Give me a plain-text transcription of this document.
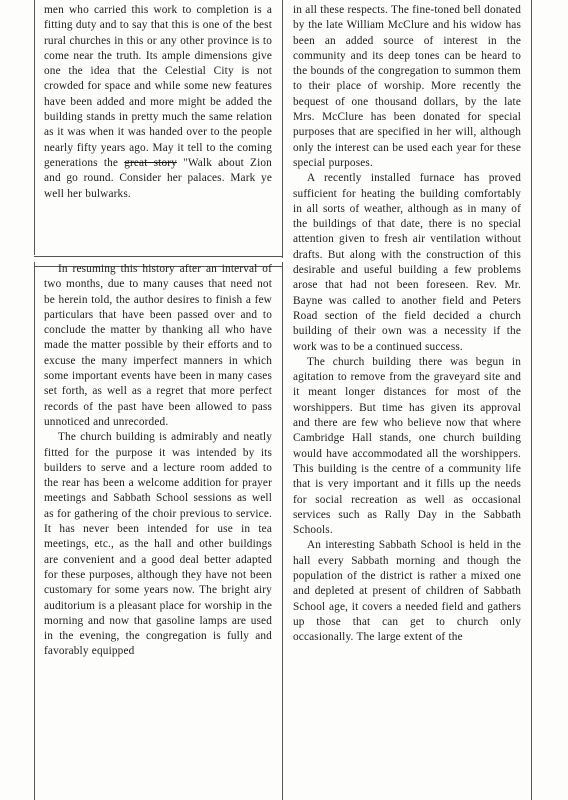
men who carried this work to completion is a fitting duty and to say that this is one of the best rural churches in this or any other province is to come near the truth. Its ample dimensions give one the idea that the Celestial City is not crowded for space and while some new features have been added and more might be added the building stands in pretty much the same relation as it was when it was handed over to the people nearly fifty years ago. May it tell to the coming generations the great story "Walk about Zion and go round. Consider her palaces. Mark ye well her bulwarks.

In resuming this history after an interval of two months, due to many causes that need not be herein told, the author desires to finish a few particulars that have been passed over and to conclude the matter by thanking all who have made the matter possible by their efforts and to excuse the many imperfect manners in which some important events have been in many cases set forth, as well as a regret that more perfect records of the past have been allowed to pass unnoticed and unrecorded.

The church building is admirably and neatly fitted for the purpose it was intended by its builders to serve and a lecture room added to the rear has been a welcome addition for prayer meetings and Sabbath School sessions as well as for gathering of the choir previous to service. It has never been intended for use in tea meetings, etc., as the hall and other buildings are convenient and a good deal better adapted for these purposes, although they have not been customary for some years now. The bright airy auditorium is a pleasant place for worship in the morning and now that gasoline lamps are used in the evening, the congregation is fully and favorably equipped

in all these respects. The fine-toned bell donated by the late William McClure and his widow has been an added source of interest in the community and its deep tones can be heard to the bounds of the congregation to summon them to their place of worship. More recently the bequest of one thousand dollars, by the late Mrs. McClure has been donated for special purposes that are specified in her will, although only the interest can be used each year for these special purposes.

A recently installed furnace has proved sufficient for heating the building comfortably in all sorts of weather, although as in many of the buildings of that date, there is no special attention given to fresh air ventilation without drafts. But along with the construction of this desirable and useful building a few problems arose that had not been foreseen. Rev. Mr. Bayne was called to another field and Peters Road section of the field decided a church building of their own was a necessity if the work was to be a continued success.

The church building there was begun in agitation to remove from the graveyard site and it meant longer distances for most of the worshippers. But time has given its approval and there are few who believe now that where Cambridge Hall stands, one church building would have accommodated all the worshippers. This building is the centre of a community life that is very important and it fills up the needs for social recreation as well as occasional services such as Rally Day in the Sabbath Schools.

An interesting Sabbath School is held in the hall every Sabbath morning and though the population of the district is rather a mixed one and depleted at present of children of Sabbath School age, it covers a needed field and gathers up those that can get to church only occasionally. The large extent of the
